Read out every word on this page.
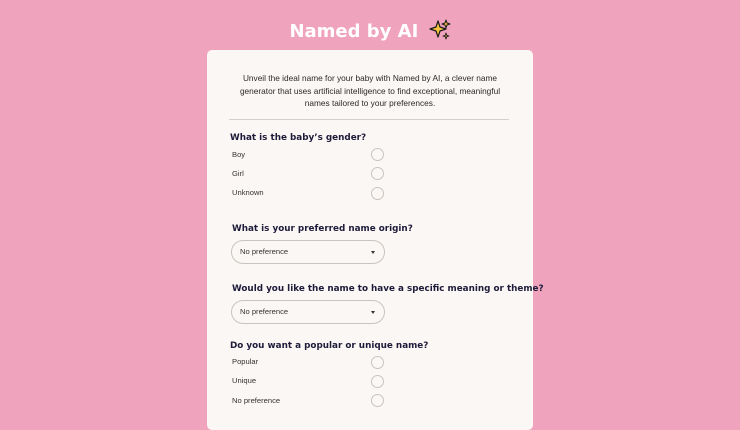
Named by AI
Unveil the ideal name for your baby with Named by AI, a clever name generator that uses artificial intelligence to find exceptional, meaningful names tailored to your preferences.
What is the baby’s gender?
Boy
Girl
Unknown
What is your preferred name origin?
No preference
Would you like the name to have a specific meaning or theme?
No preference
Do you want a popular or unique name?
Popular
Unique
No preference
